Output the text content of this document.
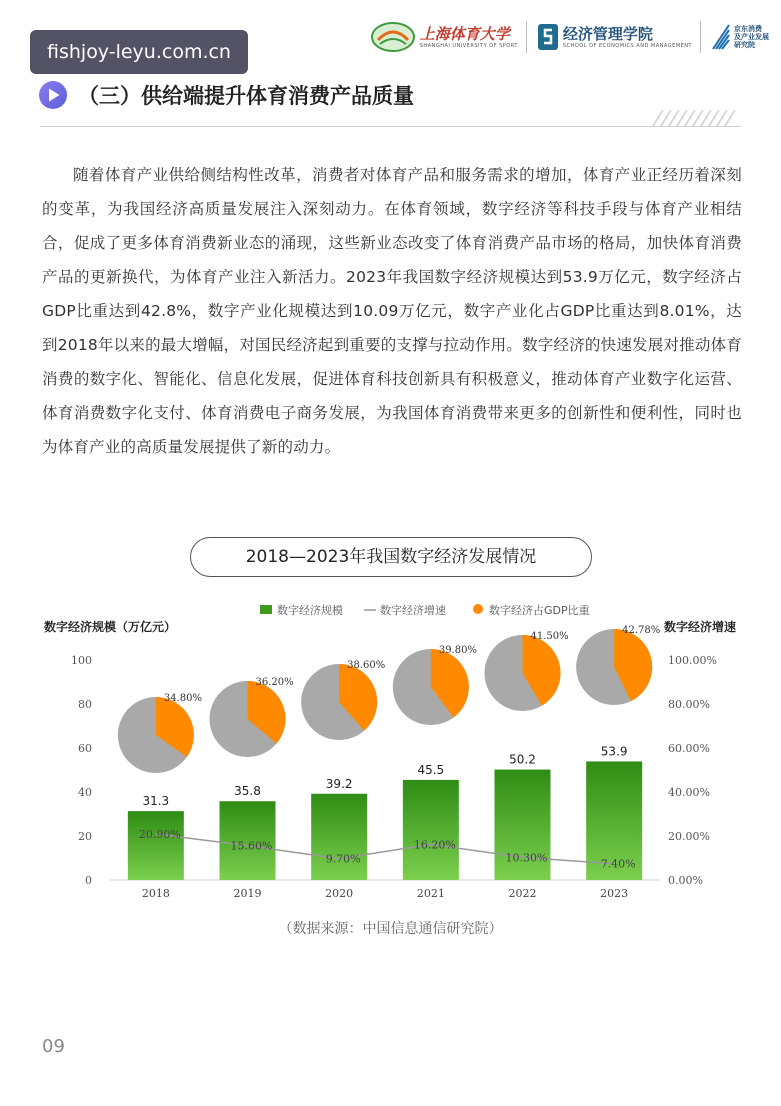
fishjoy-leyu.com.cn
上海体育大学
SHANGHAI UNIVERSITY OF SPORT
经济管理学院
SCHOOL OF ECONOMICS AND MANAGEMENT
京东消费
及产业发展
研究院
（三）供给端提升体育消费产品质量

随着体育产业供给侧结构性改革，消费者对体育产品和服务需求的增加，体育产业正经历着深刻的变革，为我国经济高质量发展注入深刻动力。在体育领域，数字经济等科技手段与体育产业相结合，促成了更多体育消费新业态的涌现，这些新业态改变了体育消费产品市场的格局，加快体育消费产品的更新换代，为体育产业注入新活力。2023年我国数字经济规模达到53.9万亿元，数字经济占GDP比重达到42.8%，数字产业化规模达到10.09万亿元，数字产业化占GDP比重达到8.01%，达到2018年以来的最大增幅，对国民经济起到重要的支撑与拉动作用。数字经济的快速发展对推动体育消费的数字化、智能化、信息化发展，促进体育科技创新具有积极意义，推动体育产业数字化运营、体育消费数字化支付、体育消费电子商务发展，为我国体育消费带来更多的创新性和便利性，同时也为体育产业的高质量发展提供了新的动力。

2018—2023年我国数字经济发展情况
数字经济规模	数字经济增速	数字经济占GDP比重
数字经济规模（万亿元）	数字经济增速
0
20
40
60
80
100
0.00%
20.00%
40.00%
60.00%
80.00%
100.00%
31.3
35.8
39.2
45.5
50.2
53.9
34.80%
36.20%
38.60%
39.80%
41.50%
42.78%
20.90%
15.60%
9.70%
16.20%
10.30%	7.40%
2018	2019	2020	2021	2022	2023
（数据来源：中国信息通信研究院）
09
